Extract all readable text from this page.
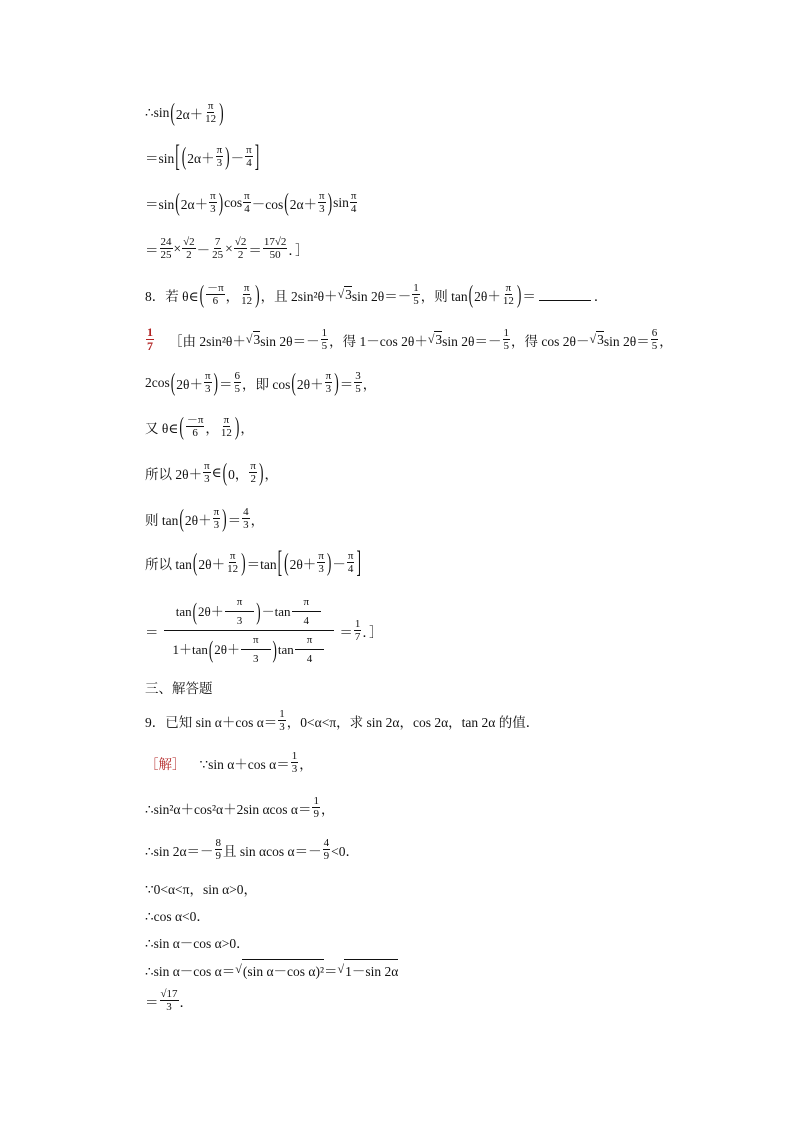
∴sin ( $2\alpha+ \frac{\pi}{12}$ )
＝sin [ ( $2\alpha+ \frac{\pi}{3}$ ) － $\frac{\pi}{4}$ ]
＝sin ( $2\alpha+ \frac{\pi}{3}$ ) $\cos \frac{\pi}{4} -\cos$ ( $2\alpha+ \frac{\pi}{3}$ ) $\sin \frac{\pi}{4}$
＝ $\frac{24}{25} \times \frac{√2}{2} - \frac{7}{25} \times \frac{√2}{2} = \frac{17√2}{50}$ ．］
8．若 θ∈ ( $\frac{-\pi}{6}$ ， $\frac{\pi}{12}$ ) ，且 2sin²θ＋ √ 3 $\sin 2\theta=- \frac{1}{5}$ ，则 tan ( $2\theta+ \frac{\pi}{12}$ ) ＝	．
$\frac{1}{7}$ ［由 2sin²θ＋ √ 3 $\sin 2\theta=- \frac{1}{5}$ ，得 1－cos 2θ＋ √ 3 $\sin 2\theta=- \frac{1}{5}$ ，得 cos 2θ－ √ 3 $\sin 2\theta= \frac{6}{5}$ ，
2cos ( $2\theta+ \frac{\pi}{3}$ ) ＝ $\frac{6}{5}$ ，即 cos ( $2\theta+ \frac{\pi}{3}$ ) ＝ $\frac{3}{5}$ ，
又 θ∈ ( $\frac{-\pi}{6}$ ， $\frac{\pi}{12}$ ) ，
所以 $2\theta+ \frac{\pi}{3}$ ∈ ( 0， $\frac{\pi}{2}$ ) ，
则 tan ( $2\theta+ \frac{\pi}{3}$ ) ＝ $\frac{4}{3}$ ，
所以 tan ( $2\theta+ \frac{\pi}{12}$ ) ＝tan [ ( $2\theta+ \frac{\pi}{3}$ ) － $\frac{\pi}{4}$ ]
＝ $\frac{\tan ( 2\theta+ \frac{\pi}{3} ) -\tan \frac{\pi}{4}}{1+\tan ( 2\theta+ \frac{\pi}{3} ) \tan \frac{\pi}{4}} = \frac{1}{7}$ ．］
三、解答题
9．已知 sin α＋cos $\alpha= \frac{1}{3}$ ，0<α<π，求 sin 2α，cos 2α，tan 2α 的值．
［解］ ∵sin α＋cos $\alpha= \frac{1}{3}$ ，
∴sin²α＋cos²α＋2sin αcos $\alpha= \frac{1}{9}$ ，
∴sin $2\alpha=- \frac{8}{9}$ 且 sin αcos $\alpha=- \frac{4}{9} <0$．
∵0<α<π，sin α>0，
∴cos α<0．
∴sin α－cos α>0．
∴sin α－cos α＝ √ (sin α－cos α)² ＝ √ 1－sin 2α
＝ $\frac{√17}{3}$ ．
